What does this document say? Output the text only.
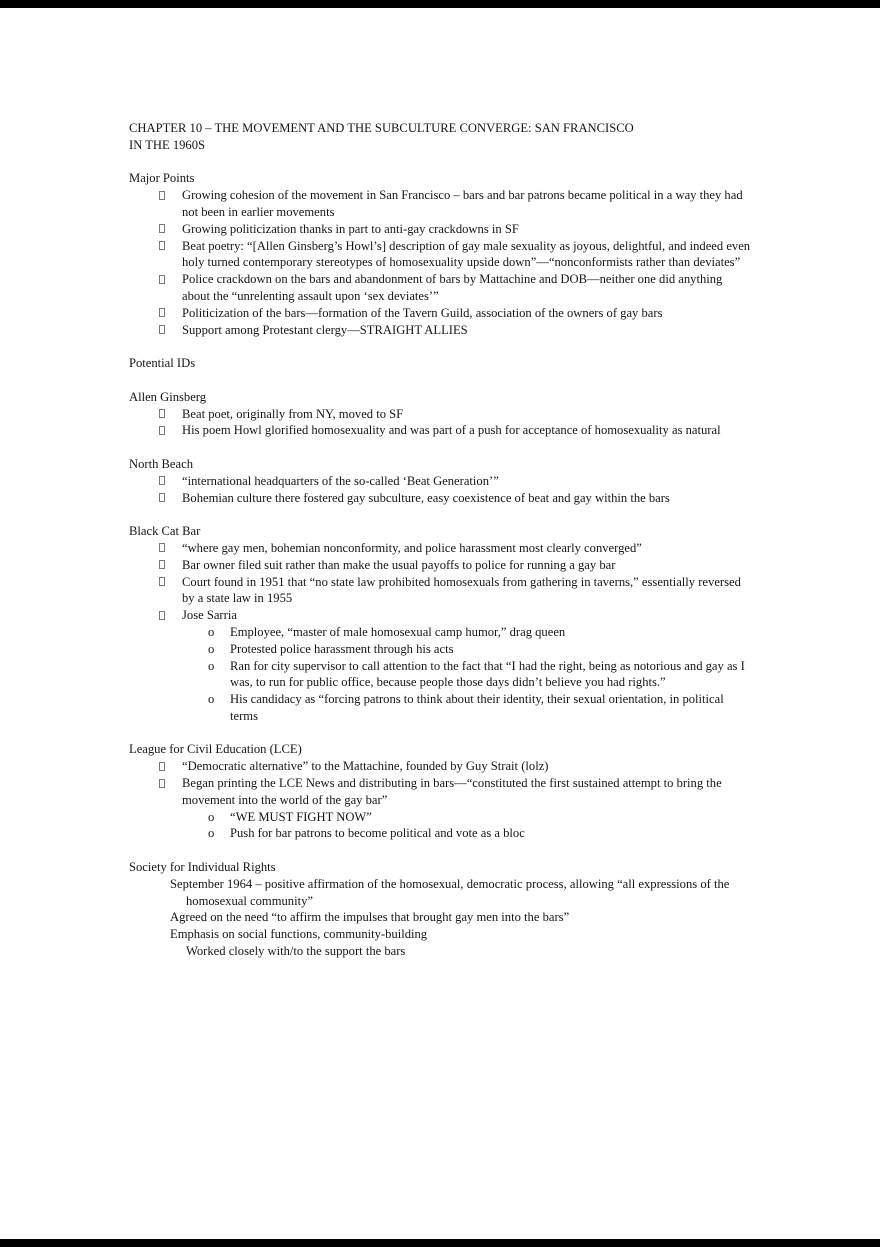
CHAPTER 10 – THE MOVEMENT AND THE SUBCULTURE CONVERGE: SAN FRANCISCO
IN THE 1960S
Major Points
Growing cohesion of the movement in San Francisco – bars and bar patrons became political in a way they had not been in earlier movements
Growing politicization thanks in part to anti-gay crackdowns in SF
Beat poetry: “[Allen Ginsberg’s Howl’s] description of gay male sexuality as joyous, delightful, and indeed even holy turned contemporary stereotypes of homosexuality upside down”—“nonconformists rather than deviates”
Police crackdown on the bars and abandonment of bars by Mattachine and DOB—neither one did anything about the “unrelenting assault upon ‘sex deviates’”
Politicization of the bars—formation of the Tavern Guild, association of the owners of gay bars
Support among Protestant clergy—STRAIGHT ALLIES
Potential IDs
Allen Ginsberg
Beat poet, originally from NY, moved to SF
His poem Howl glorified homosexuality and was part of a push for acceptance of homosexuality as natural
North Beach
“international headquarters of the so-called ‘Beat Generation’”
Bohemian culture there fostered gay subculture, easy coexistence of beat and gay within the bars
Black Cat Bar
“where gay men, bohemian nonconformity, and police harassment most clearly converged”
Bar owner filed suit rather than make the usual payoffs to police for running a gay bar
Court found in 1951 that “no state law prohibited homosexuals from gathering in taverns,” essentially reversed by a state law in 1955
Jose Sarria
o Employee, “master of male homosexual camp humor,” drag queen
o Protested police harassment through his acts
o Ran for city supervisor to call attention to the fact that “I had the right, being as notorious and gay as I was, to run for public office, because people those days didn’t believe you had rights.”
o His candidacy as “forcing patrons to think about their identity, their sexual orientation, in political terms
League for Civil Education (LCE)
“Democratic alternative” to the Mattachine, founded by Guy Strait (lolz)
Began printing the LCE News and distributing in bars—“constituted the first sustained attempt to bring the movement into the world of the gay bar”
o “WE MUST FIGHT NOW”
o Push for bar patrons to become political and vote as a bloc
Society for Individual Rights
September 1964 – positive affirmation of the homosexual, democratic process, allowing “all expressions of the homosexual community”
Agreed on the need “to affirm the impulses that brought gay men into the bars”
Emphasis on social functions, community-building
Worked closely with/to the support the bars
